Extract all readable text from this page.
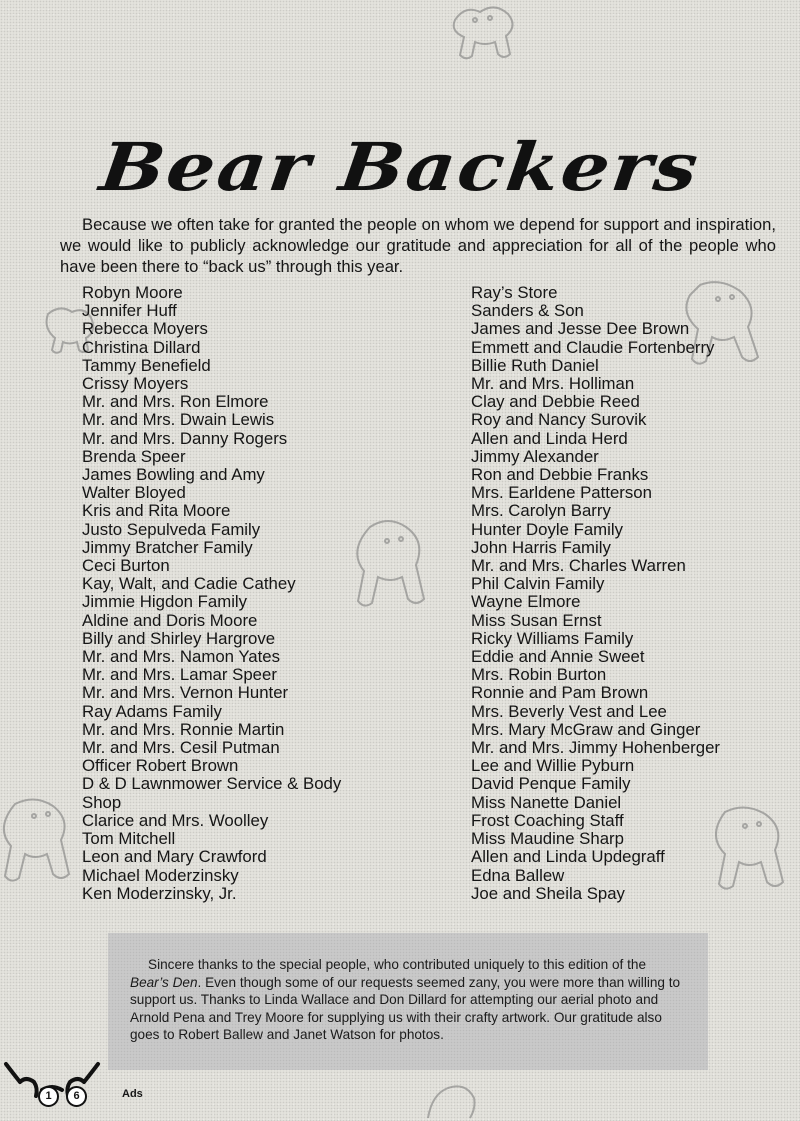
Bear Backers

Because we often take for granted the people on whom we depend for support and inspiration, we would like to publicly acknowledge our gratitude and appreciation for all of the people who have been there to “back us” through this year.

Robyn Moore
Jennifer Huff
Rebecca Moyers
Christina Dillard
Tammy Benefield
Crissy Moyers
Mr. and Mrs. Ron Elmore
Mr. and Mrs. Dwain Lewis
Mr. and Mrs. Danny Rogers
Brenda Speer
James Bowling and Amy
Walter Bloyed
Kris and Rita Moore
Justo Sepulveda Family
Jimmy Bratcher Family
Ceci Burton
Kay, Walt, and Cadie Cathey
Jimmie Higdon Family
Aldine and Doris Moore
Billy and Shirley Hargrove
Mr. and Mrs. Namon Yates
Mr. and Mrs. Lamar Speer
Mr. and Mrs. Vernon Hunter
Ray Adams Family
Mr. and Mrs. Ronnie Martin
Mr. and Mrs. Cesil Putman
Officer Robert Brown
D & D Lawnmower Service & Body Shop
Clarice and Mrs. Woolley
Tom Mitchell
Leon and Mary Crawford
Michael Moderzinsky
Ken Moderzinsky, Jr.
Ray’s Store
Sanders & Son
James and Jesse Dee Brown
Emmett and Claudie Fortenberry
Billie Ruth Daniel
Mr. and Mrs. Holliman
Clay and Debbie Reed
Roy and Nancy Surovik
Allen and Linda Herd
Jimmy Alexander
Ron and Debbie Franks
Mrs. Earldene Patterson
Mrs. Carolyn Barry
Hunter Doyle Family
John Harris Family
Mr. and Mrs. Charles Warren
Phil Calvin Family
Wayne Elmore
Miss Susan Ernst
Ricky Williams Family
Eddie and Annie Sweet
Mrs. Robin Burton
Ronnie and Pam Brown
Mrs. Beverly Vest and Lee
Mrs. Mary McGraw and Ginger
Mr. and Mrs. Jimmy Hohenberger
Lee and Willie Pyburn
David Penque Family
Miss Nanette Daniel
Frost Coaching Staff
Miss Maudine Sharp
Allen and Linda Updegraff
Edna Ballew
Joe and Sheila Spay

Sincere thanks to the special people, who contributed uniquely to this edition of the Bear’s Den. Even though some of our requests seemed zany, you were more than willing to support us. Thanks to Linda Wallace and Don Dillard for attempting our aerial photo and Arnold Pena and Trey Moore for supplying us with their crafty artwork. Our gratitude also goes to Robert Ballew and Janet Watson for photos.

1	6	Ads
